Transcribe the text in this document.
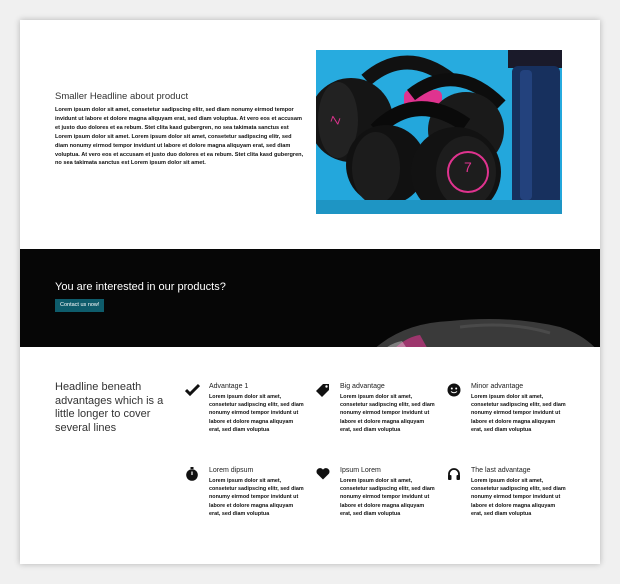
Smaller Headline about product

Lorem ipsum dolor sit amet, consetetur sadipscing elitr, sed diam nonumy eirmod tempor invidunt ut labore et dolore magna aliquyam erat, sed diam voluptua. At vero eos et accusam et justo duo dolores et ea rebum. Stet clita kasd gubergren, no sea takimata sanctus est Lorem ipsum dolor sit amet. Lorem ipsum dolor sit amet, consetetur sadipscing elitr, sed diam nonumy eirmod tempor invidunt ut labore et dolore magna aliquyam erat, sed diam voluptua. At vero eos et accusam et justo duo dolores et ea rebum. Stet clita kasd gubergren, no sea takimata sanctus est Lorem ipsum dolor sit amet.

Z
7
You are interested in our products?
Contact us now!
Headline beneath advantages which is a little longer to cover several lines
Advantage 1

Lorem ipsum dolor sit amet, consetetur sadipscing elitr, sed diam nonumy eirmod tempor invidunt ut labore et dolore magna aliquyam erat, sed diam voluptua

Big advantage

Lorem ipsum dolor sit amet, consetetur sadipscing elitr, sed diam nonumy eirmod tempor invidunt ut labore et dolore magna aliquyam erat, sed diam voluptua

Minor advantage

Lorem ipsum dolor sit amet, consetetur sadipscing elitr, sed diam nonumy eirmod tempor invidunt ut labore et dolore magna aliquyam erat, sed diam voluptua

Lorem dipsum

Lorem ipsum dolor sit amet, consetetur sadipscing elitr, sed diam nonumy eirmod tempor invidunt ut labore et dolore magna aliquyam erat, sed diam voluptua

Ipsum Lorem

Lorem ipsum dolor sit amet, consetetur sadipscing elitr, sed diam nonumy eirmod tempor invidunt ut labore et dolore magna aliquyam erat, sed diam voluptua

The last advantage

Lorem ipsum dolor sit amet, consetetur sadipscing elitr, sed diam nonumy eirmod tempor invidunt ut labore et dolore magna aliquyam erat, sed diam voluptua
